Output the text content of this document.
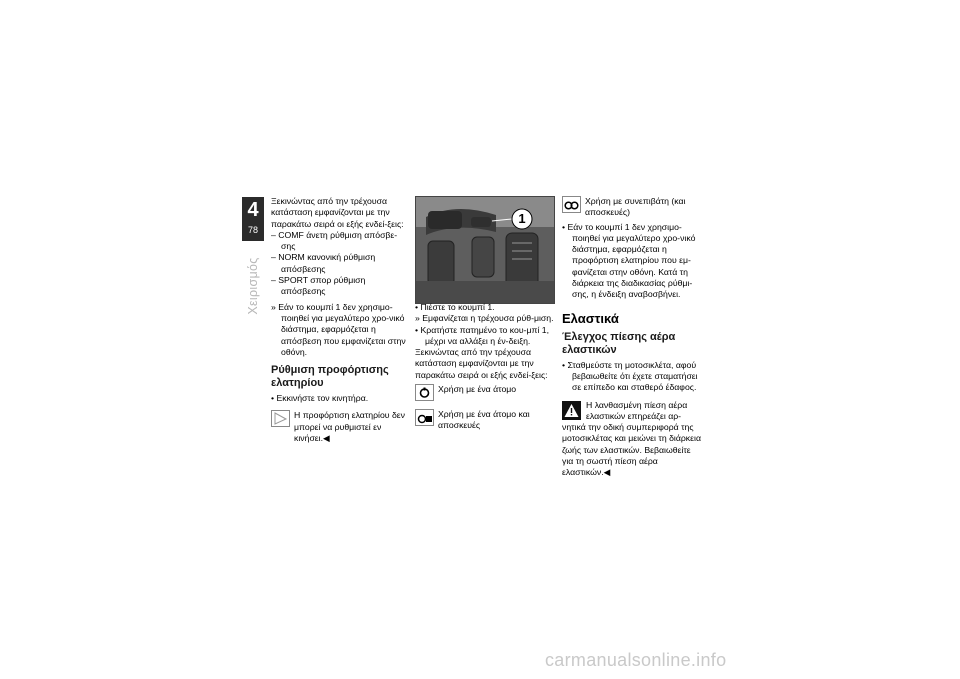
4
78
Χειρισμός

Ξεκινώντας από την τρέχουσα κατάσταση εμφανίζονται με την παρακάτω σειρά οι εξής ενδεί-ξεις:

– COMF άνετη ρύθμιση απόσβε-σης

– NORM κανονική ρύθμιση απόσβεσης

– SPORT σπορ ρύθμιση απόσβεσης

» Εάν το κουμπί 1 δεν χρησιμο-ποιηθεί για μεγαλύτερο χρο-νικό διάστημα, εφαρμόζεται η απόσβεση που εμφανίζεται στην οθόνη.

Ρύθμιση προφόρτισης ελατηρίου

• Εκκινήστε τον κινητήρα.

Η προφόρτιση ελατηρίου δεν μπορεί να ρυθμιστεί εν κινήσει.◀
1

• Πιέστε το κουμπί 1.

» Εμφανίζεται η τρέχουσα ρύθ-μιση.

• Κρατήστε πατημένο το κου-μπί 1, μέχρι να αλλάξει η έν-δειξη.

Ξεκινώντας από την τρέχουσα κατάσταση εμφανίζονται με την παρακάτω σειρά οι εξής ενδεί-ξεις:

Χρήση με ένα άτομο
Χρήση με ένα άτομο και αποσκευές
Χρήση με συνεπιβάτη (και αποσκευές)

• Εάν το κουμπί 1 δεν χρησιμο-ποιηθεί για μεγαλύτερο χρο-νικό διάστημα, εφαρμόζεται η προφόρτιση ελατηρίου που εμ-φανίζεται στην οθόνη. Κατά τη διάρκεια της διαδικασίας ρύθμι-σης, η ένδειξη αναβοσβήνει.

Ελαστικά

Έλεγχος πίεσης αέρα ελαστικών

• Σταθμεύστε τη μοτοσικλέτα, αφού βεβαιωθείτε ότι έχετε σταματήσει σε επίπεδο και σταθερό έδαφος.

Η λανθασμένη πίεση αέρα ελαστικών επηρεάζει αρ-νητικά την οδική συμπεριφορά της μοτοσικλέτας και μειώνει τη διάρκεια ζωής των ελαστικών. Βεβαιωθείτε για τη σωστή πίεση αέρα ελαστικών.◀
carmanualsonline.info
